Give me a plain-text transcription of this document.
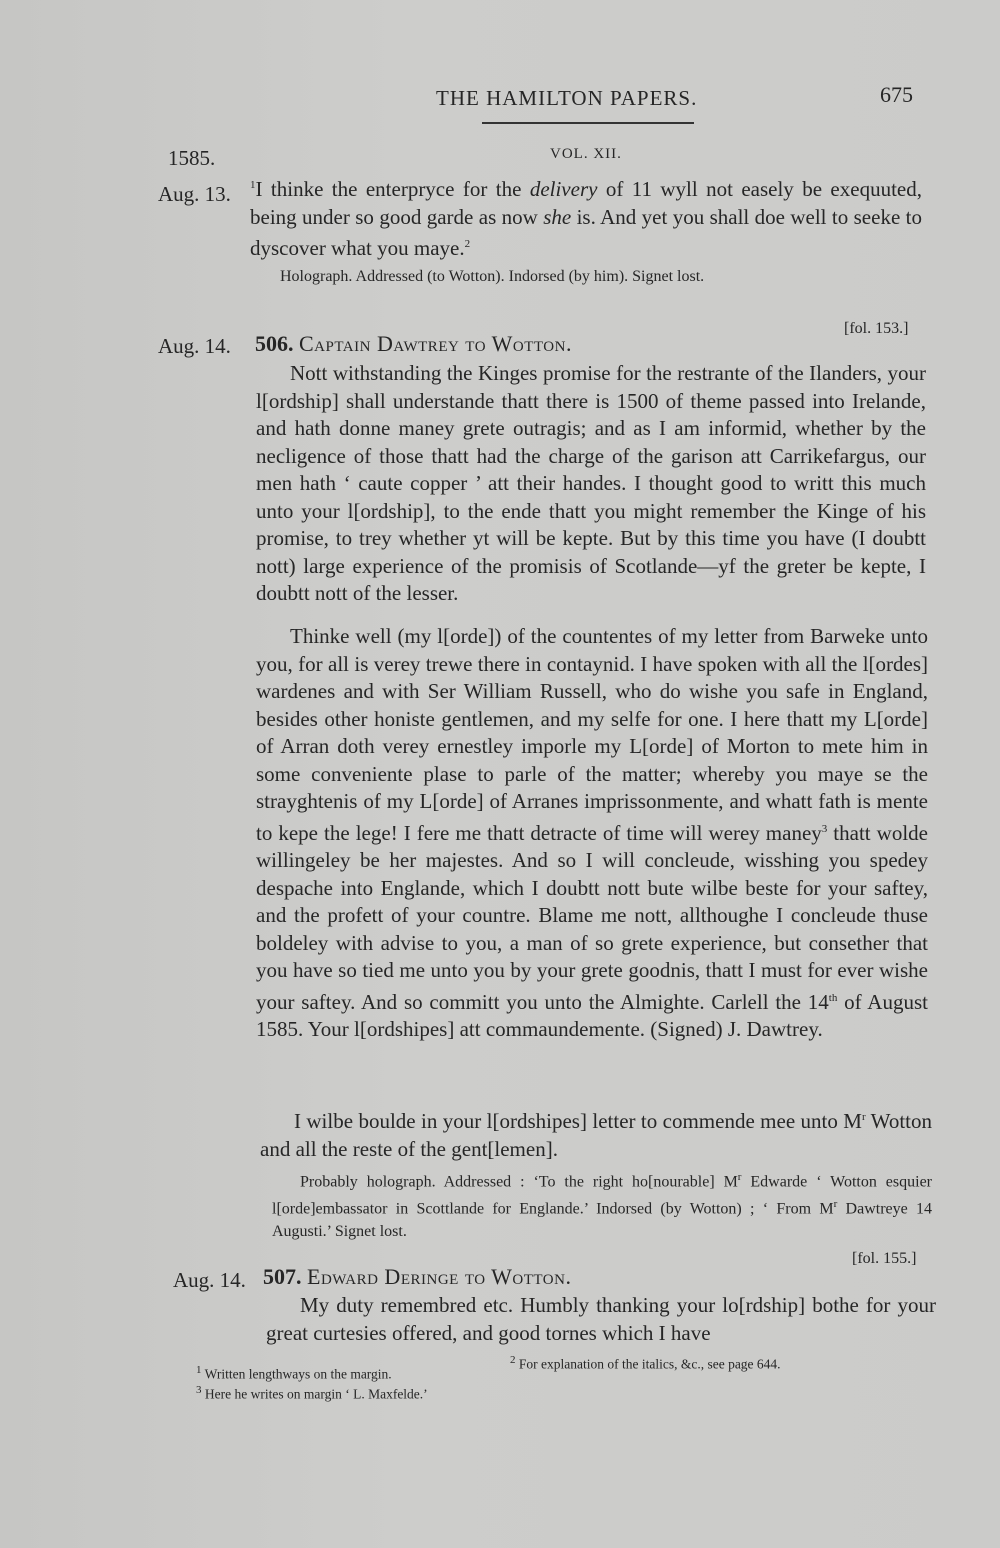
THE HAMILTON PAPERS.	675
1585.	VOL. XII.
Aug. 13. $^1$I thinke the enterpryce for the delivery of 11 wyll not easely be exequuted, being under so good garde as now she is. And yet you shall doe well to seeke to dyscover what you maye.$^2$

Holograph. Addressed (to Wotton). Indorsed (by him). Signet lost.

Aug. 14. 506. Captain Dawtrey to Wotton.
[fol. 153.]

Nott withstanding the Kinges promise for the restrante of the Ilanders, your l[ordship] shall understande thatt there is 1500 of theme passed into Irelande, and hath donne maney grete outragis; and as I am informid, whether by the necligence of those thatt had the charge of the garison att Carrikefargus, our men hath ‘ caute copper ’ att their handes. I thought good to writt this much unto your l[ordship], to the ende thatt you might remember the Kinge of his promise, to trey whether yt will be kepte. But by this time you have (I doubtt nott) large experience of the promisis of Scotlande—yf the greter be kepte, I doubtt nott of the lesser.

Thinke well (my l[orde]) of the countentes of my letter from Barweke unto you, for all is verey trewe there in contaynid. I have spoken with all the l[ordes] wardenes and with Ser William Russell, who do wishe you safe in England, besides other honiste gentlemen, and my selfe for one. I here thatt my L[orde] of Arran doth verey ernestley imporle my L[orde] of Morton to mete him in some conveniente plase to parle of the matter; whereby you maye se the strayghtenis of my L[orde] of Arranes imprissonmente, and whatt fath is mente to kepe the lege! I fere me thatt detracte of time will werey maney$^3$ thatt wolde willingeley be her majestes. And so I will concleude, wisshing you spedey despache into Englande, which I doubtt nott bute wilbe beste for your saftey, and the profett of your countre. Blame me nott, allthoughe I concleude thuse boldeley with advise to you, a man of so grete experience, but consether that you have so tied me unto you by your grete goodnis, thatt I must for ever wishe your saftey. And so committ you unto the Almighte. Carlell the 14th of August 1585. Your l[ordshipes] att commaundemente. (Signed) J. Dawtrey.

I wilbe boulde in your l[ordshipes] letter to commende mee unto $M^r$ Wotton and all the reste of the gent[lemen].

Probably holograph. Addressed : ‘To the right ho[nourable] $M^r$ Edwarde ‘ Wotton esquier l[orde]embassator in Scottlande for Englande.’ Indorsed (by Wotton) ; ‘ From $M^r$ Dawtreye 14 Augusti.’ Signet lost.

Aug. 14. 507. Edward Deringe to Wotton.
[fol. 155.]

My duty remembred etc. Humbly thanking your lo[rdship] bothe for your great curtesies offered, and good tornes which I have

$^1$ Written lengthways on the margin.
$^2$ For explanation of the italics, &c., see page 644.
$^3$ Here he writes on margin ‘ L. Maxfelde.’
